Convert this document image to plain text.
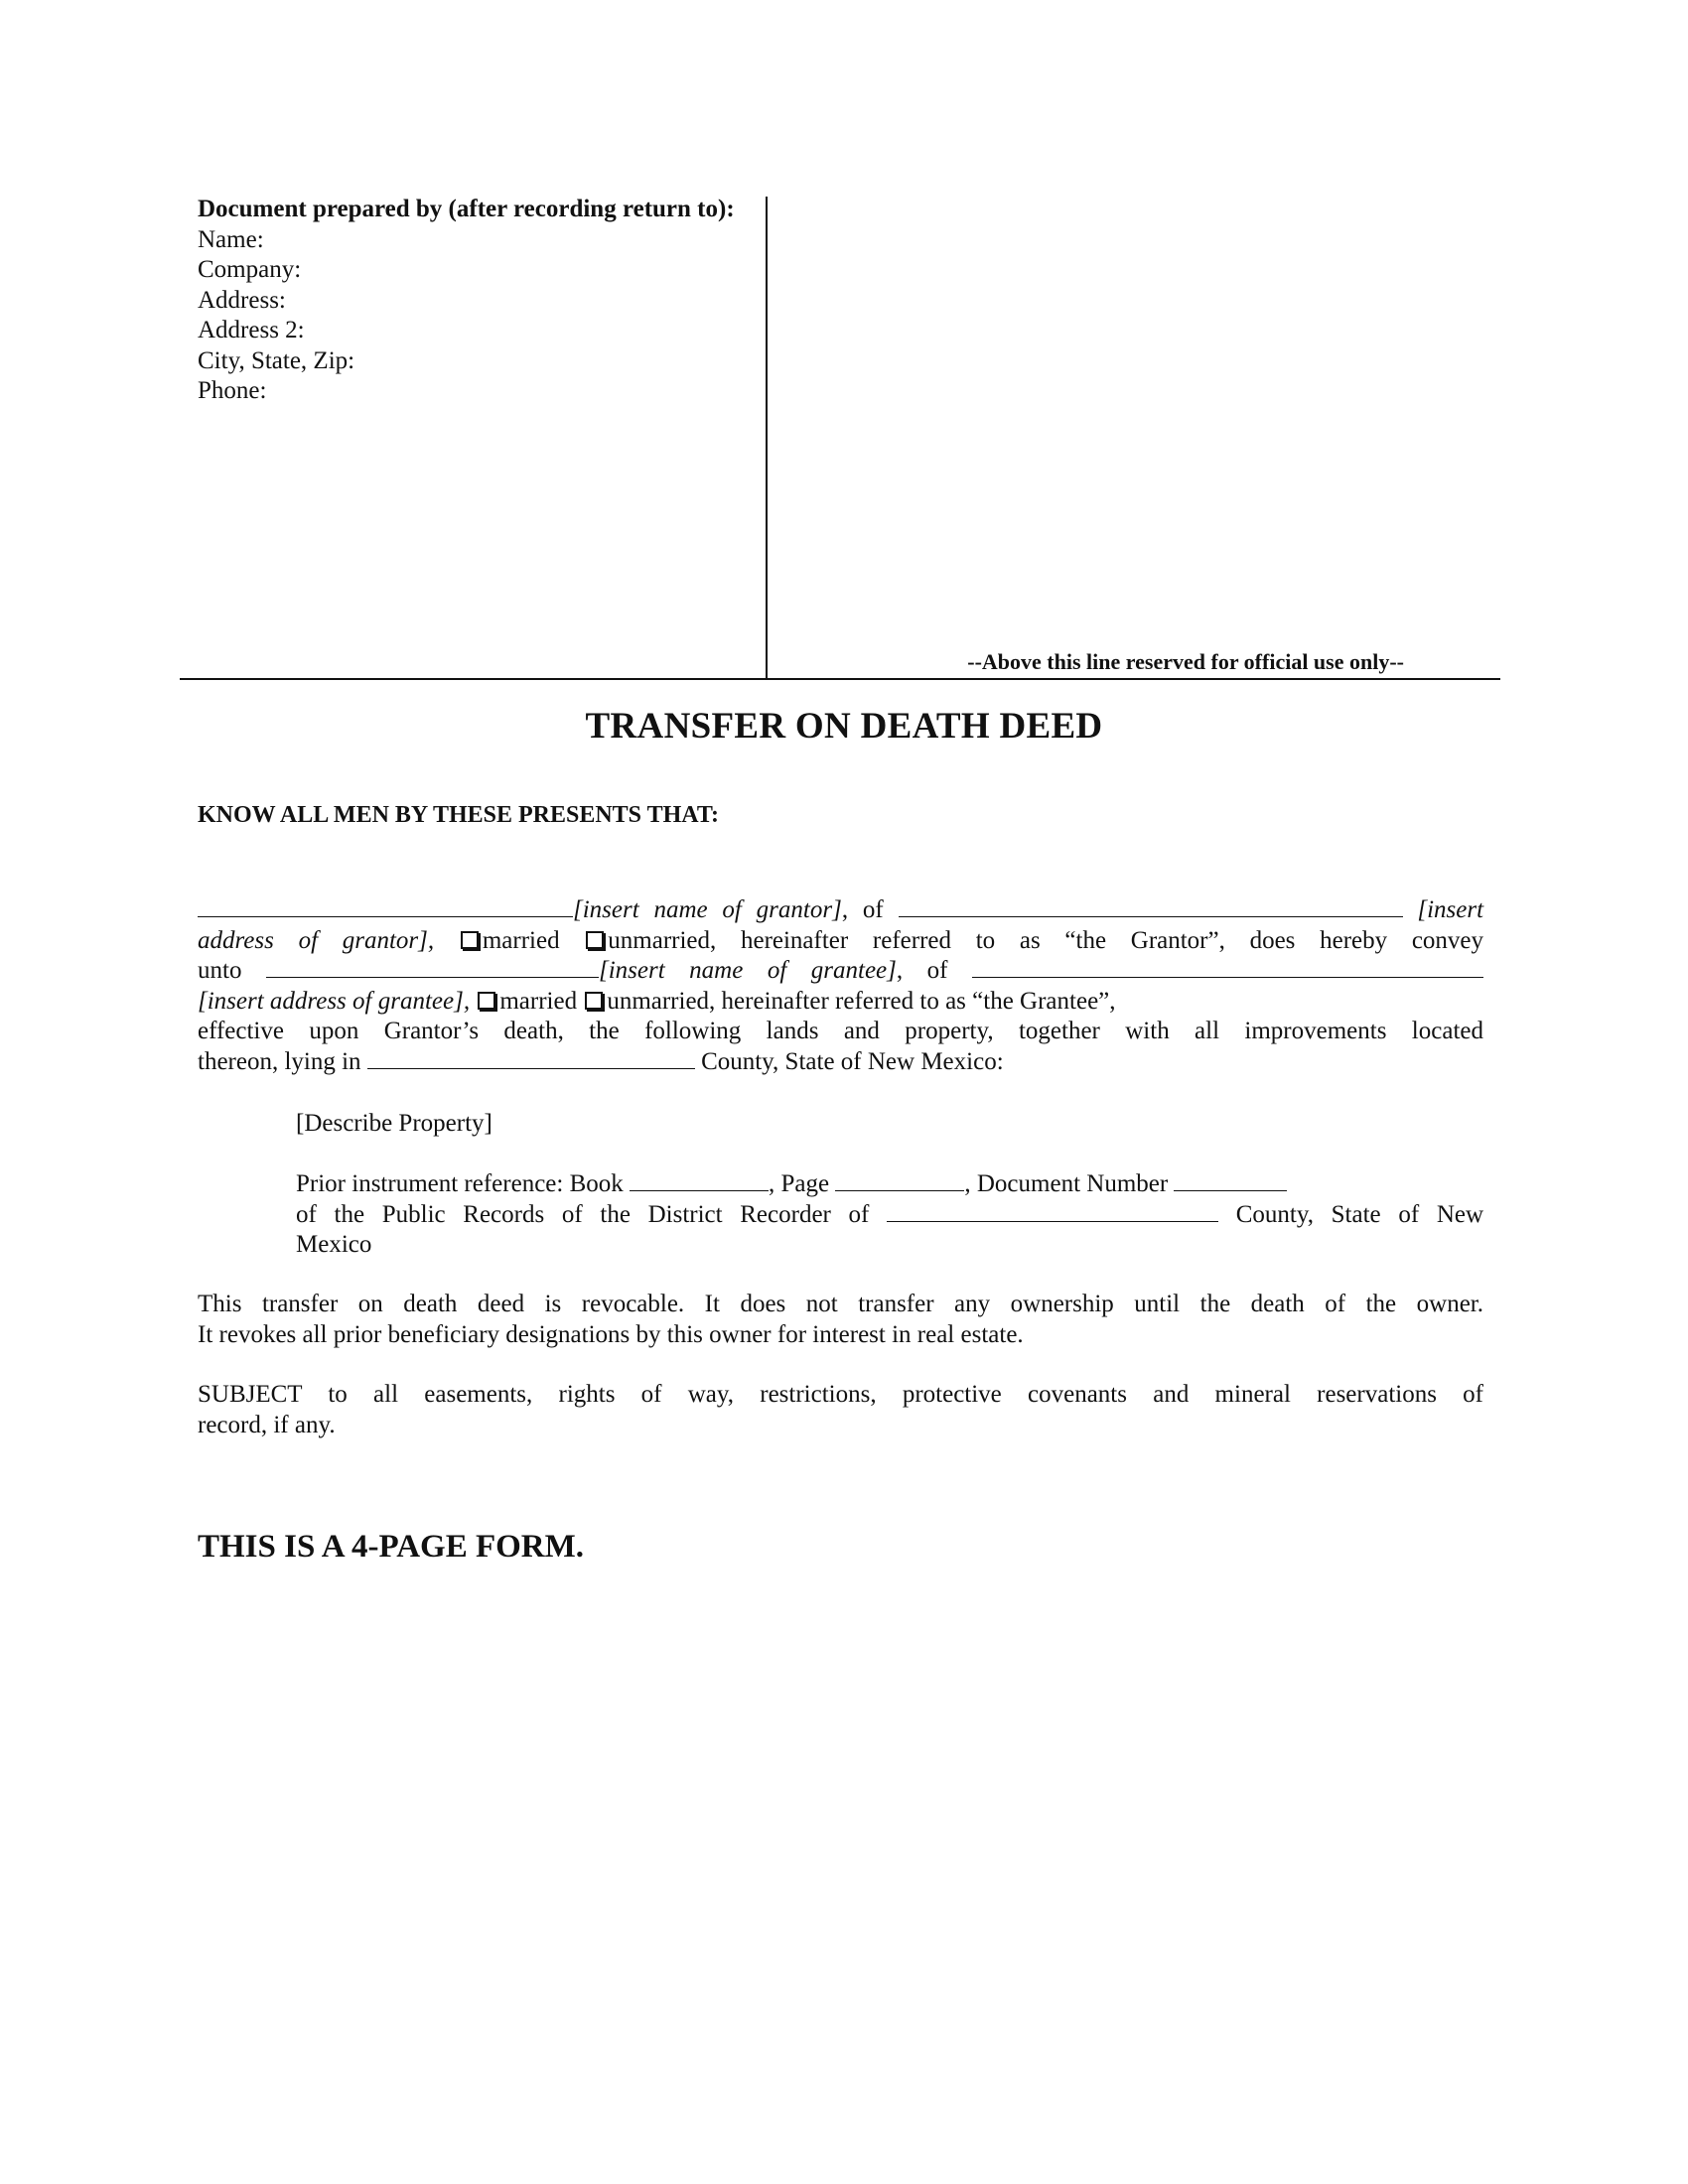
Document prepared by (after recording return to):
Name:
Company:
Address:
Address 2:
City, State, Zip:
Phone:
--Above this line reserved for official use only--
TRANSFER ON DEATH DEED
KNOW ALL MEN BY THESE PRESENTS THAT:
[insert name of grantor], of	[insert
address of grantor], married unmarried, hereinafter referred to as “the Grantor”, does hereby convey
unto	[insert name of grantee], of
[insert address of grantee], married unmarried, hereinafter referred to as “the Grantee”,
effective upon Grantor’s death, the following lands and property, together with all improvements located
thereon, lying in	County, State of New Mexico:
[Describe Property]
Prior instrument reference: Book	, Page	, Document Number
of the Public Records of the District Recorder of	County, State of New
Mexico
This transfer on death deed is revocable. It does not transfer any ownership until the death of the owner.
It revokes all prior beneficiary designations by this owner for interest in real estate.
SUBJECT to all easements, rights of way, restrictions, protective covenants and mineral reservations of
record, if any.
THIS IS A 4-PAGE FORM.
